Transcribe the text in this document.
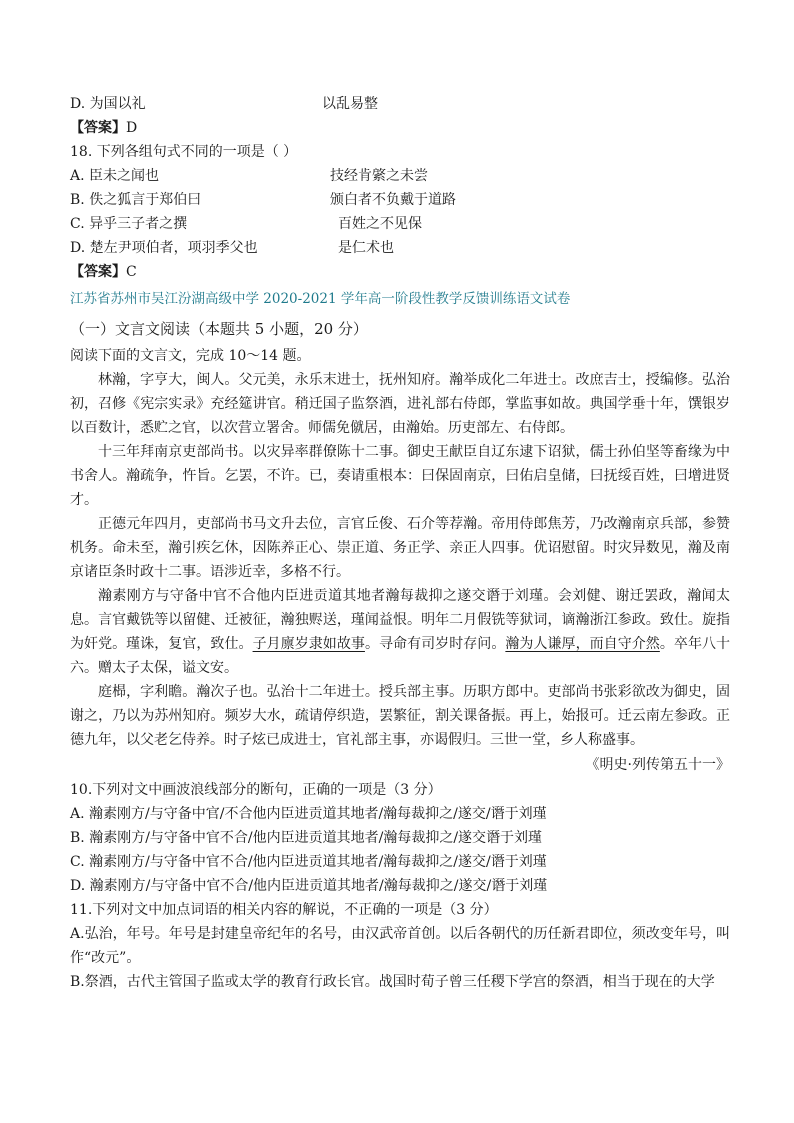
D. 为国以礼	以乱易整
【答案】D
18. 下列各组句式不同的一项是（ ）
A. 臣未之闻也	技经肯綮之未尝
B. 佚之狐言于郑伯曰	颁白者不负戴于道路
C. 异乎三子者之撰	百姓之不见保
D. 楚左尹项伯者，项羽季父也	是仁术也
【答案】C
江苏省苏州市吴江汾湖高级中学 2020-2021 学年高一阶段性教学反馈训练语文试卷
（一）文言文阅读（本题共 5 小题，20 分）
阅读下面的文言文，完成 10～14 题。

林瀚，字亨大，闽人。父元美，永乐末进士，抚州知府。瀚举成化二年进士。改庶吉士，授编修。弘治初，召修《宪宗实录》充经筵讲官。稍迁国子监祭酒，进礼部右侍郎，掌监事如故。典国学垂十年，馔银岁以百数计，悉贮之官，以次营立署舍。师儒免僦居，由瀚始。历吏部左、右侍郎。

十三年拜南京吏部尚书。以灾异率群僚陈十二事。御史王献臣自辽东逮下诏狱，儒士孙伯坚等畜缘为中书舍人。瀚疏争，忤旨。乞罢，不许。已，奏请重根本：曰保固南京，曰佑启皇储，曰抚绥百姓，曰增进贤才。

正德元年四月，吏部尚书马文升去位，言官丘俊、石介等荐瀚。帝用侍郎焦芳，乃改瀚南京兵部，参赞机务。命未至，瀚引疾乞休，因陈养正心、崇正道、务正学、亲正人四事。优诏慰留。时灾异数见，瀚及南京诸臣条时政十二事。语涉近幸，多格不行。

瀚素刚方与守备中官不合他内臣进贡道其地者瀚每裁抑之遂交谮于刘瑾。会刘健、谢迁罢政，瀚闻太息。言官戴铣等以留健、迁被征，瀚独赆送，瑾闻益恨。明年二月假铣等狱词，谪瀚浙江参政。致仕。旋指为奸党。瑾诛，复官，致仕。子月廪岁隶如故事。寻命有司岁时存问。瀚为人谦厚，而自守介然。卒年八十六。赠太子太保，谥文安。

庭㭿，字利瞻。瀚次子也。弘治十二年进士。授兵部主事。历职方郎中。吏部尚书张彩欲改为御史，固谢之，乃以为苏州知府。频岁大水，疏请停织造，罢繁征，割关课备振。再上，始报可。迁云南左参政。正德九年，以父老乞侍养。时子炫已成进士，官礼部主事，亦谒假归。三世一堂，乡人称盛事。

《明史·列传第五十一》
10.下列对文中画波浪线部分的断句，正确的一项是（3 分）
A. 瀚素刚方/与守备中官/不合他内臣进贡道其地者/瀚每裁抑之/遂交/谮于刘瑾
B. 瀚素刚方/与守备中官不合/他内臣进贡道其地者/瀚每裁抑之/遂交谮于刘瑾
C. 瀚素刚方/与守备中官不合/他内臣进贡道其地者/瀚每裁抑之/遂交/谮于刘瑾
D. 瀚素刚方/与守备中官不合/他内臣进贡道其地者/瀚每裁抑之/遂交/谮于刘瑾
11.下列对文中加点词语的相关内容的解说，不正确的一项是（3 分）

A.弘治，年号。年号是封建皇帝纪年的名号，由汉武帝首创。以后各朝代的历任新君即位，须改变年号，叫作“改元”。

B.祭酒，古代主管国子监或太学的教育行政长官。战国时荀子曾三任稷下学宫的祭酒，相当于现在的大学
